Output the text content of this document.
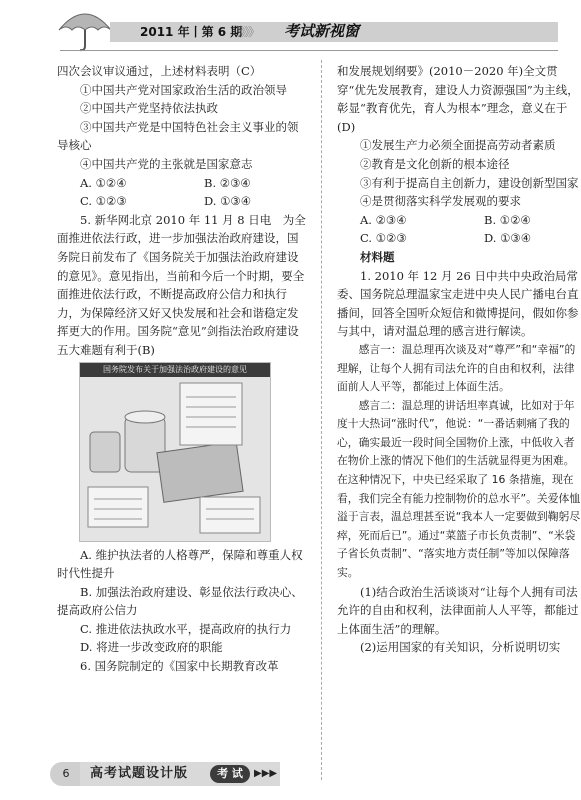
2011 年丨第 6 期
》》》》 考试新视窗

四次会议审议通过，上述材料表明（C）

①中国共产党对国家政治生活的政治领导

②中国共产党坚持依法执政

③中国共产党是中国特色社会主义事业的领导核心

④中国共产党的主张就是国家意志

A. ①②④	B. ②③④
C. ①②③	D. ①③④

5. 新华网北京 2010 年 11 月 8 日电　为全面推进依法行政，进一步加强法治政府建设，国务院日前发布了《国务院关于加强法治政府建设的意见》。意见指出，当前和今后一个时期，要全面推进依法行政，不断提高政府公信力和执行力，为保障经济又好又快发展和社会和谐稳定发挥更大的作用。国务院“意见”剑指法治政府建设五大难题有利于(B)

国务院发布关于加强法治政府建设的意见

A. 维护执法者的人格尊严，保障和尊重人权时代性提升

B. 加强法治政府建设、彰显依法行政决心、提高政府公信力

C. 推进依法执政水平，提高政府的执行力

D. 将进一步改变政府的职能

6. 国务院制定的《国家中长期教育改革

和发展规划纲要》(2010－2020 年)全文贯穿“优先发展教育，建设人力资源强国”为主线，彰显“教育优先，育人为根本”理念，意义在于(D)

①发展生产力必须全面提高劳动者素质

②教育是文化创新的根本途径

③有利于提高自主创新力，建设创新型国家

④是贯彻落实科学发展观的要求

A. ②③④	B. ①②④
C. ①②③	D. ①③④

材料题

1. 2010 年 12 月 26 日中共中央政治局常委、国务院总理温家宝走进中央人民广播电台直播间，回答全国听众短信和微博提问，假如你参与其中，请对温总理的感言进行解读。

感言一：温总理再次谈及对“尊严”和“幸福”的理解，让每个人拥有司法允许的自由和权利，法律面前人人平等，都能过上体面生活。

感言二：温总理的讲话坦率真诚，比如对于年度十大热词“涨时代”，他说：“一番话刺痛了我的心，确实最近一段时间全国物价上涨，中低收入者在物价上涨的情况下他们的生活就显得更为困难。在这种情况下，中央已经采取了 16 条措施，现在看，我们完全有能力控制物价的总水平”。关爱体恤溢于言表，温总理甚至说“我本人一定要做到鞠躬尽瘁，死而后已”。通过“菜篮子市长负责制”、“米袋子省长负责制”、“落实地方责任制”等加以保障落实。

(1)结合政治生活谈谈对“让每个人拥有司法允许的自由和权利，法律面前人人平等，都能过上体面生活”的理解。

(2)运用国家的有关知识，分析说明切实

6	高考试题设计版	考 试	▶▶▶
